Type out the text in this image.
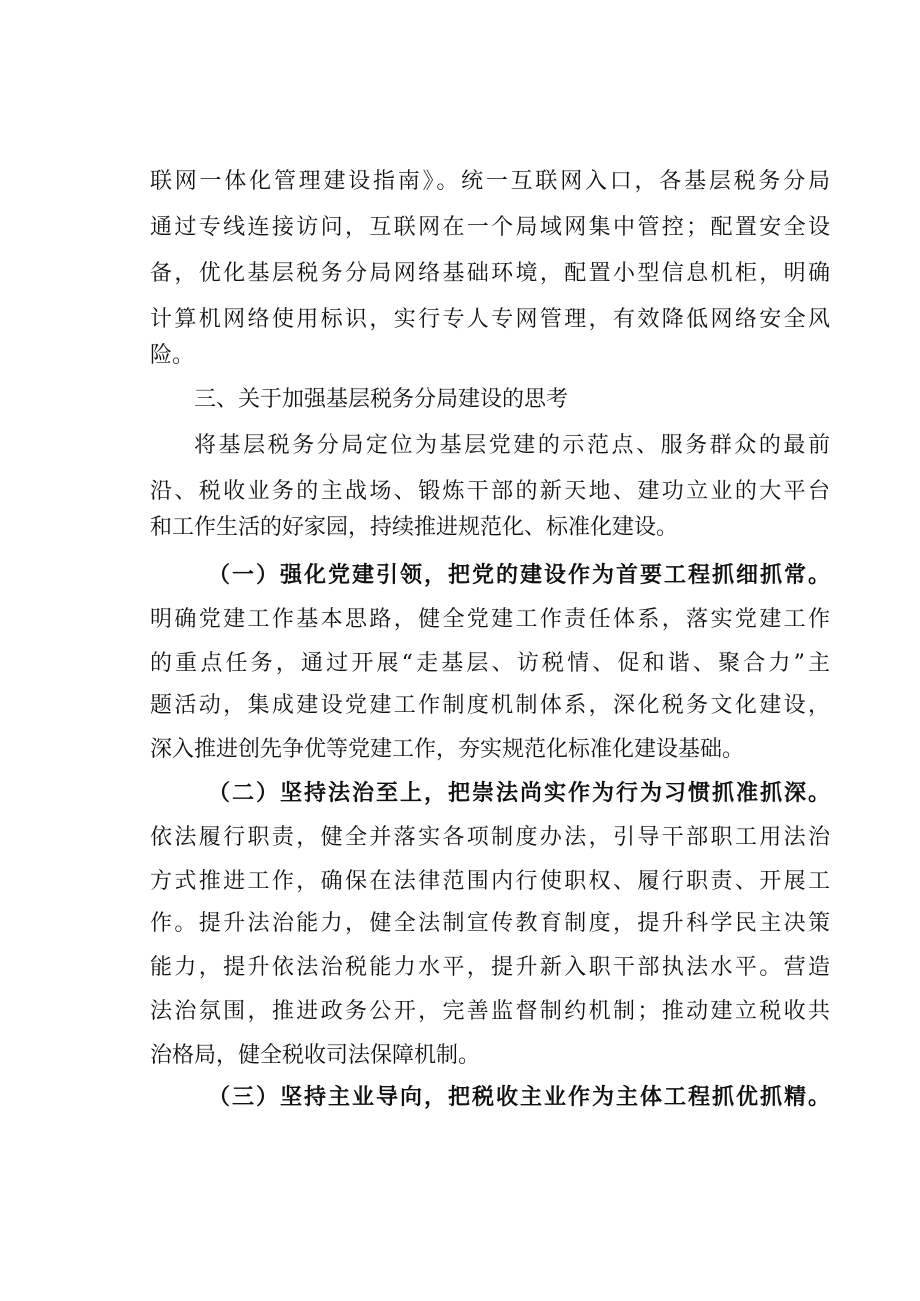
联网一体化管理建设指南》。统一互联网入口，各基层税务分局
通过专线连接访问，互联网在一个局域网集中管控；配置安全设
备，优化基层税务分局网络基础环境，配置小型信息机柜，明确
计算机网络使用标识，实行专人专网管理，有效降低网络安全风
险。
三、关于加强基层税务分局建设的思考
将基层税务分局定位为基层党建的示范点、服务群众的最前
沿、税收业务的主战场、锻炼干部的新天地、建功立业的大平台
和工作生活的好家园，持续推进规范化、标准化建设。
（一）强化党建引领，把党的建设作为首要工程抓细抓常。
明确党建工作基本思路，健全党建工作责任体系，落实党建工作
的重点任务，通过开展“走基层、访税情、促和谐、聚合力”主
题活动，集成建设党建工作制度机制体系，深化税务文化建设，
深入推进创先争优等党建工作，夯实规范化标准化建设基础。
（二）坚持法治至上，把崇法尚实作为行为习惯抓准抓深。
依法履行职责，健全并落实各项制度办法，引导干部职工用法治
方式推进工作，确保在法律范围内行使职权、履行职责、开展工
作。提升法治能力，健全法制宣传教育制度，提升科学民主决策
能力，提升依法治税能力水平，提升新入职干部执法水平。营造
法治氛围，推进政务公开，完善监督制约机制；推动建立税收共
治格局，健全税收司法保障机制。
（三）坚持主业导向，把税收主业作为主体工程抓优抓精。
